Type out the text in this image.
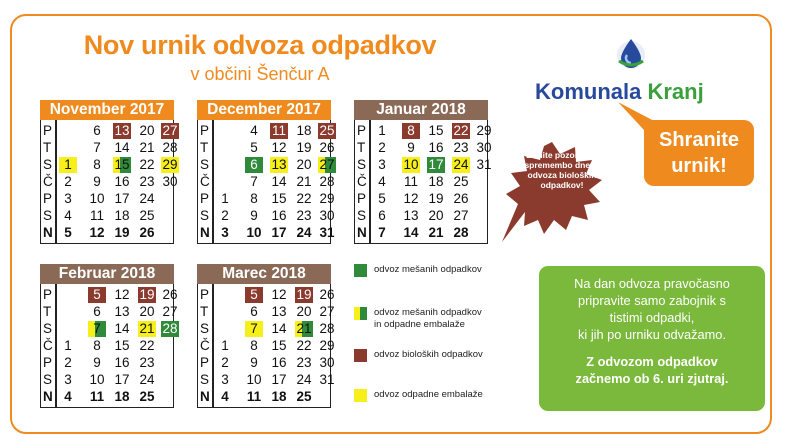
Nov urnik odvoza odpadkov
v občini Šenčur A
Komunala Kranj
Shranite
urnik!
Bodite pozorni na spremembo dneva odvoza bioloških odpadkov!
November 2017
P	6	13 20 27
T	7	14 21 28
S 1	8	15 22 29
Č 2	9	16 23 30
P 3	10 17 24
S 4	11 18 25
N 5	12 19 26
December 2017
P	4	11 18 25
T	5	12 19 26
S	6	13 20 27
Č	7	14 21 28
P 1	8	15 22 29
S 2	9	16 23 30
N 3	10 17 24 31
Januar 2018
P 1	8	15 22 29
T 2	9	16 23 30
S 3	10 17 24 31
Č 4	11 18 25
P 5	12 19 26
S 6	13 20 27
N 7	14 21 28
Februar 2018
P	5	12 19 26
T	6	13 20 27
S	7	14 21 28
Č 1	8	15 22
P 2	9	16 23
S 3	10 17 24
N 4	11 18 25
Marec 2018
P	5	12 19 26
T	6	13 20 27
S	7	14 21 28
Č 1	8	15 22 29
P 2	9	16 23 30
S 3	10 17 24 31
N 4	11 18 25
odvoz mešanih odpadkov
odvoz mešanih odpadkov
in odpadne embalaže
odvoz bioloških odpadkov
odvoz odpadne embalaže

Na dan odvoza pravočasno

pripravite samo zabojnik s

tistimi odpadki,

ki jih po urniku odvažamo.

Z odvozom odpadkov

začnemo ob 6. uri zjutraj.
